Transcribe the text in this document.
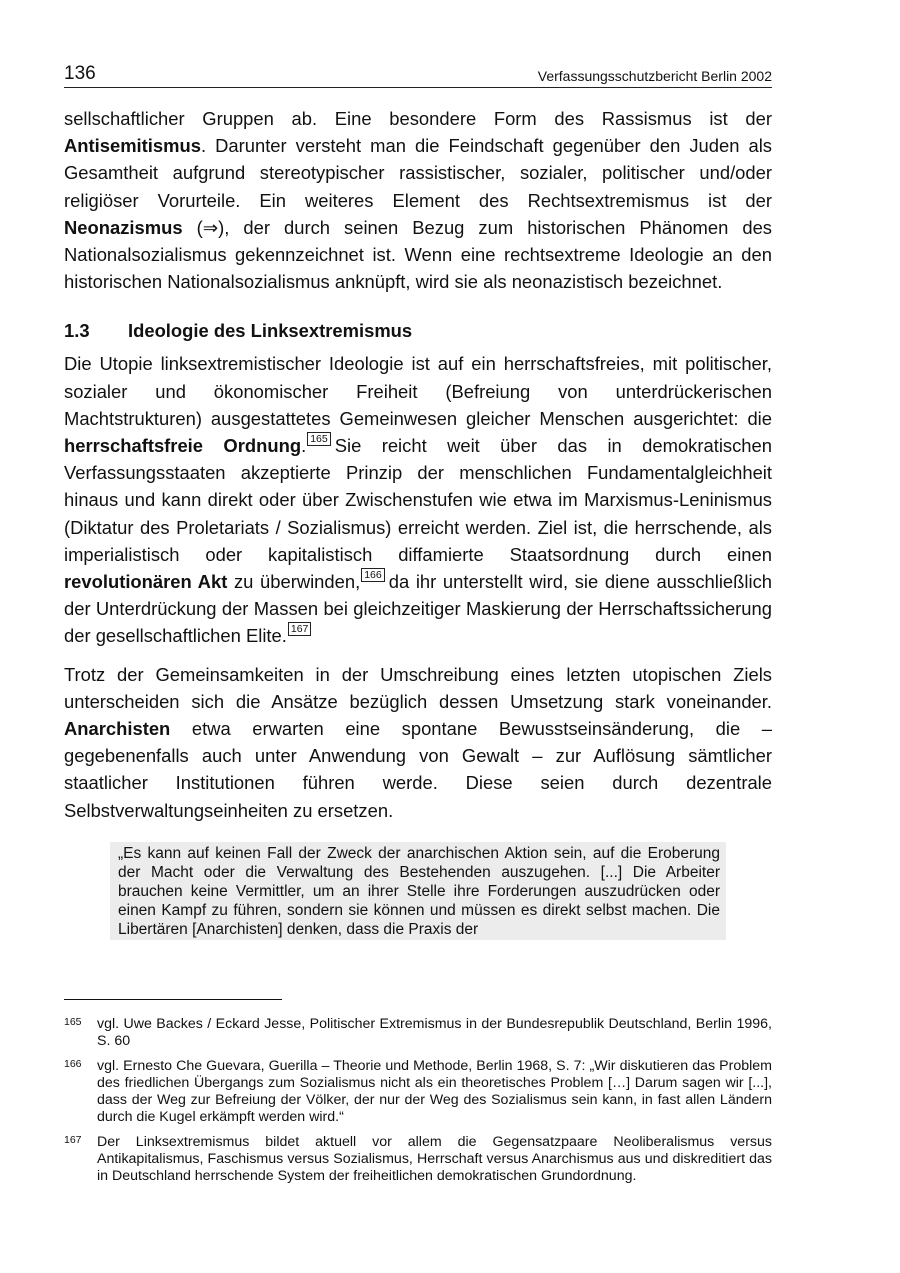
136	Verfassungsschutzbericht Berlin 2002

sellschaftlicher Gruppen ab. Eine besondere Form des Rassismus ist der Antisemitismus. Darunter versteht man die Feindschaft gegenüber den Juden als Gesamtheit aufgrund stereotypischer rassistischer, sozialer, politischer und/oder religiöser Vorurteile. Ein weiteres Element des Rechtsextremismus ist der Neonazismus (⇒), der durch seinen Bezug zum historischen Phänomen des Nationalsozialismus gekennzeichnet ist. Wenn eine rechtsextreme Ideologie an den historischen Nationalsozialismus anknüpft, wird sie als neonazistisch bezeichnet.

1.3	Ideologie des Linksextremismus

Die Utopie linksextremistischer Ideologie ist auf ein herrschaftsfreies, mit politischer, sozialer und ökonomischer Freiheit (Befreiung von unterdrückerischen Machtstrukturen) ausgestattetes Gemeinwesen gleicher Menschen ausgerichtet: die herrschaftsfreie Ordnung. 165 Sie reicht weit über das in demokratischen Verfassungsstaaten akzeptierte Prinzip der menschlichen Fundamentalgleichheit hinaus und kann direkt oder über Zwischenstufen wie etwa im Marxismus-Leninismus (Diktatur des Proletariats / Sozialismus) erreicht werden. Ziel ist, die herrschende, als imperialistisch oder kapitalistisch diffamierte Staatsordnung durch einen revolutionären Akt zu überwinden, 166 da ihr unterstellt wird, sie diene ausschließlich der Unterdrückung der Massen bei gleichzeitiger Maskierung der Herrschaftssicherung der gesellschaftlichen Elite. 167

Trotz der Gemeinsamkeiten in der Umschreibung eines letzten utopischen Ziels unterscheiden sich die Ansätze bezüglich dessen Umsetzung stark voneinander. Anarchisten etwa erwarten eine spontane Bewusstseinsänderung, die – gegebenenfalls auch unter Anwendung von Gewalt – zur Auflösung sämtlicher staatlicher Institutionen führen werde. Diese seien durch dezentrale Selbstverwaltungseinheiten zu ersetzen.

„Es kann auf keinen Fall der Zweck der anarchischen Aktion sein, auf die Eroberung der Macht oder die Verwaltung des Bestehenden auszugehen. [...] Die Arbeiter brauchen keine Vermittler, um an ihrer Stelle ihre Forderungen auszudrücken oder einen Kampf zu führen, sondern sie können und müssen es direkt selbst machen. Die Libertären [Anarchisten] denken, dass die Praxis der
165	vgl. Uwe Backes / Eckard Jesse, Politischer Extremismus in der Bundesrepublik Deutschland, Berlin 1996, S. 60
166	vgl. Ernesto Che Guevara, Guerilla – Theorie und Methode, Berlin 1968, S. 7: „Wir diskutieren das Problem des friedlichen Übergangs zum Sozialismus nicht als ein theoretisches Problem […] Darum sagen wir [...], dass der Weg zur Befreiung der Völker, der nur der Weg des Sozialismus sein kann, in fast allen Ländern durch die Kugel erkämpft werden wird.“
167	Der Linksextremismus bildet aktuell vor allem die Gegensatzpaare Neoliberalismus versus Antikapitalismus, Faschismus versus Sozialismus, Herrschaft versus Anarchismus aus und diskreditiert das in Deutschland herrschende System der freiheitlichen demokratischen Grundordnung.
